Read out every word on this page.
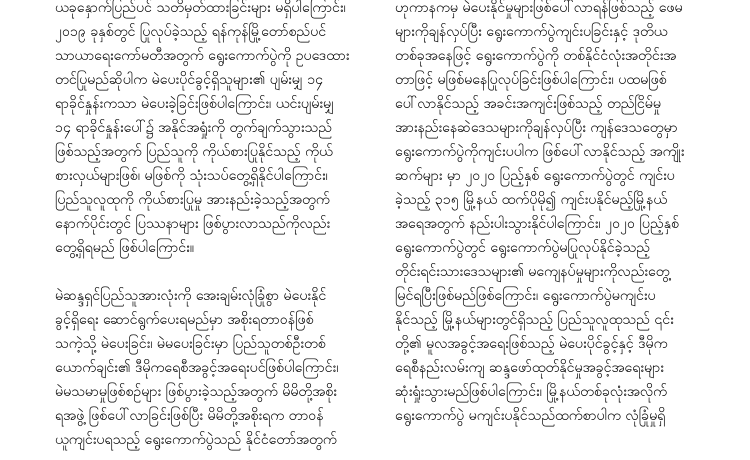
ယခုနှောက်ပြည်ပင် သတိမှတ်ထားခြင်းများ မရှိပါကြောင်း၊
၂၀၁၉ ခုနှစ်တွင် ပြုလုပ်ခဲ့သည့် ရန်ကုန်မြို့တော်စည်ပင်
သာယာရေးကော်မတီအတွက် ရွေးကောက်ပွဲကို ဥပဒေထား
တင်ပြုမည်ဆိုပါက မဲပေးပိုင်ခွင့်ရှိသူများ၏ ပျမ်းမျှ ၁၄
ရာခိုင်နှုန်းကသာ မဲပေးခဲ့ခြင်းဖြစ်ပါကြောင်း၊ ယင်းပျမ်းမျှ
၁၄ ရာခိုင်နှုန်းပေါ်၌ အနိုင်အရှုံးကို တွက်ချက်သွားသည်
ဖြစ်သည့်အတွက် ပြည်သူကို ကိုယ်စားပြုနိုင်သည့် ကိုယ်
စားလှယ်များဖြစ်၊ မဖြစ်ကို သုံးသပ်တွေ့ရှိနိုင်ပါကြောင်း၊
ပြည်သူလူထုကို ကိုယ်စားပြုမှု အားနည်းခဲ့သည့်အတွက်
နောက်ပိုင်းတွင် ပြဿနာများ ဖြစ်ပွားလာသည်ကိုလည်း
တွေ့ရှိရမည် ဖြစ်ပါကြောင်း။
မဲဆန္ဒရှင်ပြည်သူအားလုံးကို အေးချမ်းလုံခြုံစွာ မဲပေးနိုင်
ခွင့်ရှိရေး ဆောင်ရွက်ပေးရမည်မှာ အစိုးရတာဝန်ဖြစ်
သကဲ့သို့ မဲပေးခြင်း၊ မဲမပေးခြင်းမှာ ပြည်သူတစ်ဦးတစ်
ယောက်ချင်း၏ ဒီမိုကရေစီအခွင့်အရေးပင်ဖြစ်ပါကြောင်း၊
မဲမသမာမှုဖြစ်စဉ်များ ဖြစ်ပွားခဲ့သည့်အတွက် မိမိတို့အစိုး
ရအဖွဲ့ ဖြစ်ပေါ်လာခြင်းဖြစ်ပြီး မိမိတို့အစိုးရက တာဝန်
ယူကျင်းပရသည့် ရွေးကောက်ပွဲသည် နိုင်ငံတော်အတွက်
ဟုကာနကမှ မဲပေးနိုင်မှုများဖြစ်ပေါ်လာရန်ဖြစ်သည့် ဖေမ
များကိုချန်လှပ်ပြီး ရွေးကောက်ပွဲကျင်းပခြင်းနှင့် ဒုတိယ
တစ်ခုအနေဖြင့် ရွေးကောက်ပွဲကို တစ်နိုင်ငံလုံးအတိုင်းအ
တာဖြင့် မဖြစ်မနေပြုလုပ်ခြင်းဖြစ်ပါကြောင်း၊ ပထမဖြစ်
ပေါ်လာနိုင်သည့် အခင်းအကျင်းဖြစ်သည့် တည်ငြိမ်မှု
အားနည်းနေဆဲဒေသများကိုချန်လှပ်ပြီး ကျန်ဒေသတွေမှာ
ရွေးကောက်ပွဲကိုကျင်းပပါက ဖြစ်ပေါ်လာနိုင်သည့် အကျိုး
ဆက်များ မှာ ၂၀၂၀ ပြည့်နှစ် ရွေးကောက်ပွဲတွင် ကျင်းပ
ခဲ့သည့် ၃၁၅ မြို့နယ် ထက်ပိုမို၍ ကျင်းပနိုင်မည့်မြို့နယ်
အရေအတွက် နည်းပါးသွားနိုင်ပါကြောင်း၊ ၂၀၂၀ ပြည့်နှစ်
ရွေးကောက်ပွဲတွင် ရွေးကောက်ပွဲမပြုလုပ်နိုင်ခဲ့သည့်
တိုင်းရင်းသားဒေသများ၏ မကျေနပ်မှုများကိုလည်းတွေ့
မြင်ရပြီးဖြစ်မည်ဖြစ်ကြောင်း၊ ရွေးကောက်ပွဲမကျင်းပ
နိုင်သည့် မြို့နယ်များတွင်ရှိသည့် ပြည်သူလူထုသည် ၎င်း
တို့၏ မူလအခွင့်အရေးဖြစ်သည့် မဲပေးပိုင်ခွင့်နှင့် ဒီမိုက
ရေစီနည်းလမ်းကျ ဆန္ဒဖော်ထုတ်နိုင်မှုအခွင့်အရေးများ
ဆုံးရှုံးသွားမည်ဖြစ်ပါကြောင်း၊ မြို့နယ်တစ်ခုလုံးအလိုက်
ရွေးကောက်ပွဲ မကျင်းပနိုင်သည်ထက်စာပါက လုံခြုံမှုရှိ
